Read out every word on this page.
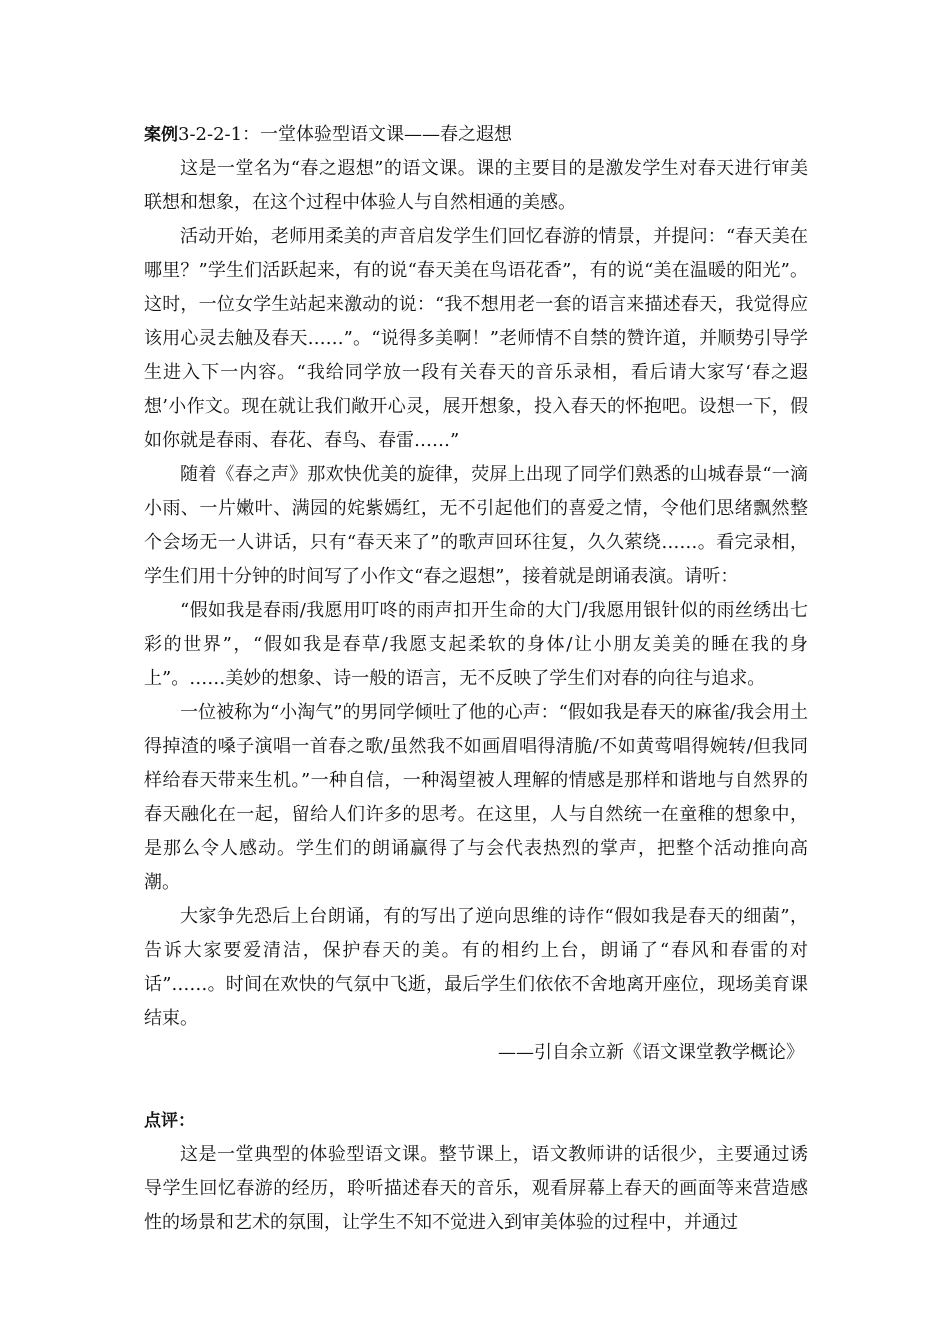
案例3-2-2-1：一堂体验型语文课——春之遐想

这是一堂名为“春之遐想”的语文课。课的主要目的是激发学生对春天进行审美联想和想象，在这个过程中体验人与自然相通的美感。

活动开始，老师用柔美的声音启发学生们回忆春游的情景，并提问：“春天美在哪里？”学生们活跃起来，有的说“春天美在鸟语花香”，有的说“美在温暖的阳光”。这时，一位女学生站起来激动的说：“我不想用老一套的语言来描述春天，我觉得应该用心灵去触及春天……”。“说得多美啊！”老师情不自禁的赞许道，并顺势引导学生进入下一内容。“我给同学放一段有关春天的音乐录相，看后请大家写‘春之遐想’小作文。现在就让我们敞开心灵，展开想象，投入春天的怀抱吧。设想一下，假如你就是春雨、春花、春鸟、春雷……”

随着《春之声》那欢快优美的旋律，荧屏上出现了同学们熟悉的山城春景“一滴小雨、一片嫩叶、满园的姹紫嫣红，无不引起他们的喜爱之情，令他们思绪飘然整个会场无一人讲话，只有“春天来了”的歌声回环往复，久久萦绕……。看完录相，学生们用十分钟的时间写了小作文“春之遐想”，接着就是朗诵表演。请听：

“假如我是春雨/我愿用叮咚的雨声扣开生命的大门/我愿用银针似的雨丝绣出七彩的世界”，“假如我是春草/我愿支起柔软的身体/让小朋友美美的睡在我的身上”。……美妙的想象、诗一般的语言，无不反映了学生们对春的向往与追求。

一位被称为“小淘气”的男同学倾吐了他的心声：“假如我是春天的麻雀/我会用土得掉渣的嗓子演唱一首春之歌/虽然我不如画眉唱得清脆/不如黄莺唱得婉转/但我同样给春天带来生机。”一种自信，一种渴望被人理解的情感是那样和谐地与自然界的春天融化在一起，留给人们许多的思考。在这里，人与自然统一在童稚的想象中，是那么令人感动。学生们的朗诵赢得了与会代表热烈的掌声，把整个活动推向高潮。

大家争先恐后上台朗诵，有的写出了逆向思维的诗作“假如我是春天的细菌”，告诉大家要爱清洁，保护春天的美。有的相约上台，朗诵了“春风和春雷的对话”……。时间在欢快的气氛中飞逝，最后学生们依依不舍地离开座位，现场美育课结束。

——引自余立新《语文课堂教学概论》

点评：

这是一堂典型的体验型语文课。整节课上，语文教师讲的话很少，主要通过诱导学生回忆春游的经历，聆听描述春天的音乐，观看屏幕上春天的画面等来营造感性的场景和艺术的氛围，让学生不知不觉进入到审美体验的过程中，并通过
